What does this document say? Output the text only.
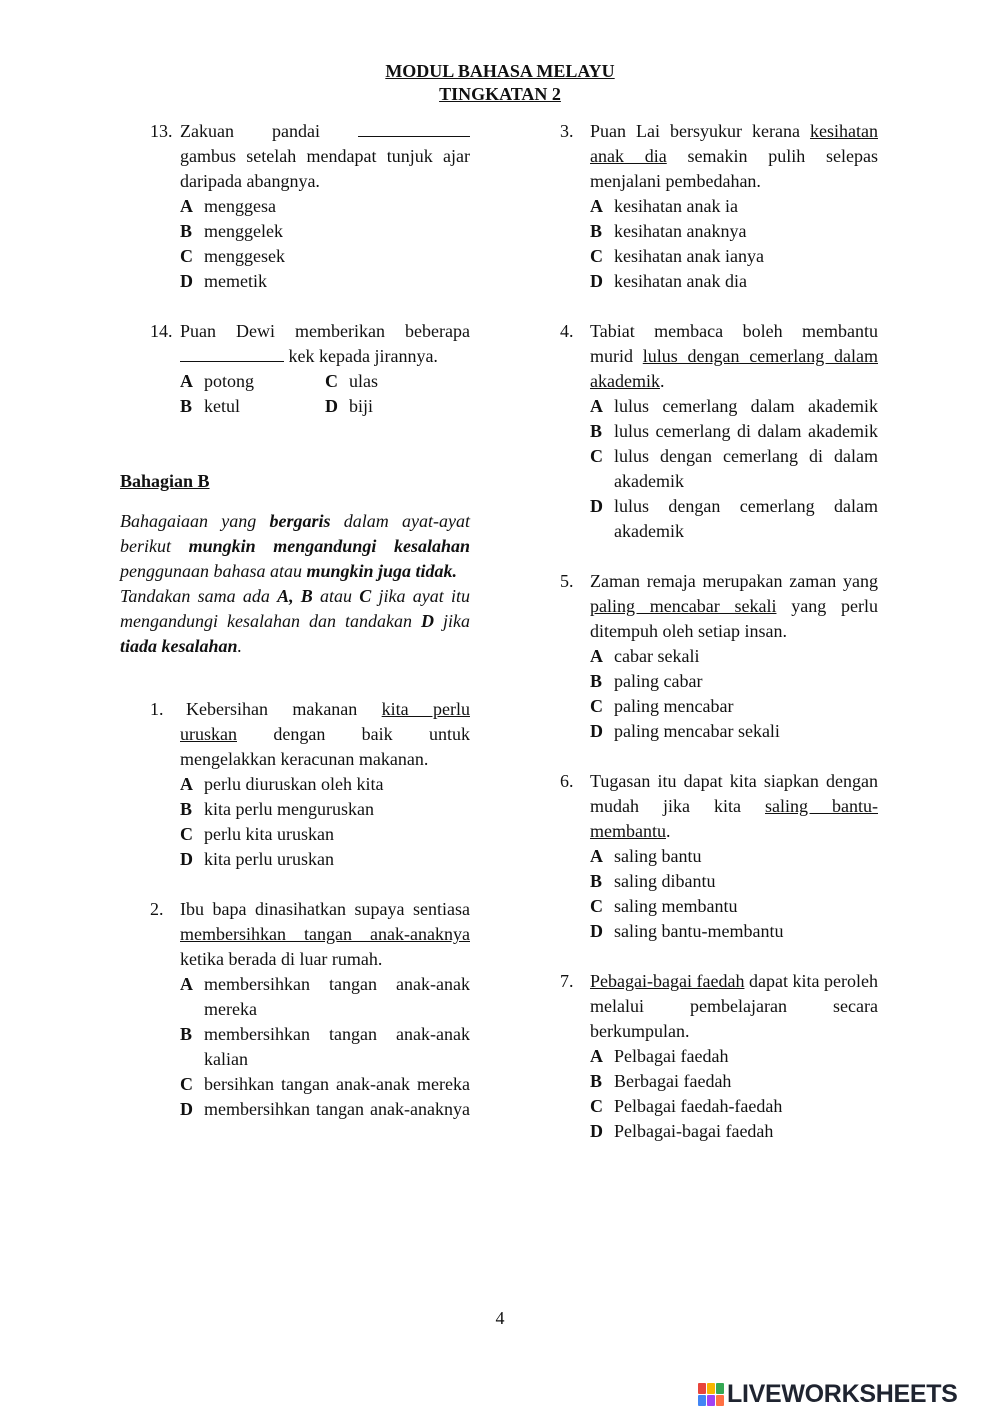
MODUL BAHASA MELAYU
TINGKATAN 2
13. Zakuan pandai
gambus setelah mendapat tunjuk ajar daripada abangnya.
A menggesa
B menggelek
C menggesek
D memetik
14. Puan Dewi memberikan beberapa
kek kepada jirannya.
A potong	C ulas
B ketul	D biji
Bahagian B
Bahagaiaan yang bergaris dalam ayat-ayat berikut mungkin mengandungi kesalahan penggunaan bahasa atau mungkin juga tidak.
Tandakan sama ada A, B atau C jika ayat itu mengandungi kesalahan dan tandakan D jika tiada kesalahan.
1.	Kebersihan makanan kita perlu uruskan dengan baik untuk mengelakkan keracunan makanan.
A perlu diuruskan oleh kita
B kita perlu menguruskan
C perlu kita uruskan
D kita perlu uruskan
2. Ibu bapa dinasihatkan supaya sentiasa membersihkan tangan anak-anaknya ketika berada di luar rumah.
A membersihkan tangan anak-anak mereka
B membersihkan tangan anak-anak kalian
C bersihkan tangan anak-anak mereka
D membersihkan tangan anak-anaknya
3. Puan Lai bersyukur kerana kesihatan anak dia semakin pulih selepas menjalani pembedahan.
A kesihatan anak ia
B kesihatan anaknya
C kesihatan anak ianya
D kesihatan anak dia
4. Tabiat membaca boleh membantu murid lulus dengan cemerlang dalam akademik.
A lulus cemerlang dalam akademik
B lulus cemerlang di dalam akademik
C lulus dengan cemerlang di dalam akademik
D lulus dengan cemerlang dalam akademik
5. Zaman remaja merupakan zaman yang paling mencabar sekali yang perlu ditempuh oleh setiap insan.
A cabar sekali
B paling cabar
C paling mencabar
D paling mencabar sekali
6. Tugasan itu dapat kita siapkan dengan mudah jika kita saling bantu-membantu.
A saling bantu
B saling dibantu
C saling membantu
D saling bantu-membantu
7. Pebagai-bagai faedah dapat kita peroleh melalui pembelajaran secara berkumpulan.
A Pelbagai faedah
B Berbagai faedah
C Pelbagai faedah-faedah
D Pelbagai-bagai faedah
4
LIVEWORKSHEETS
